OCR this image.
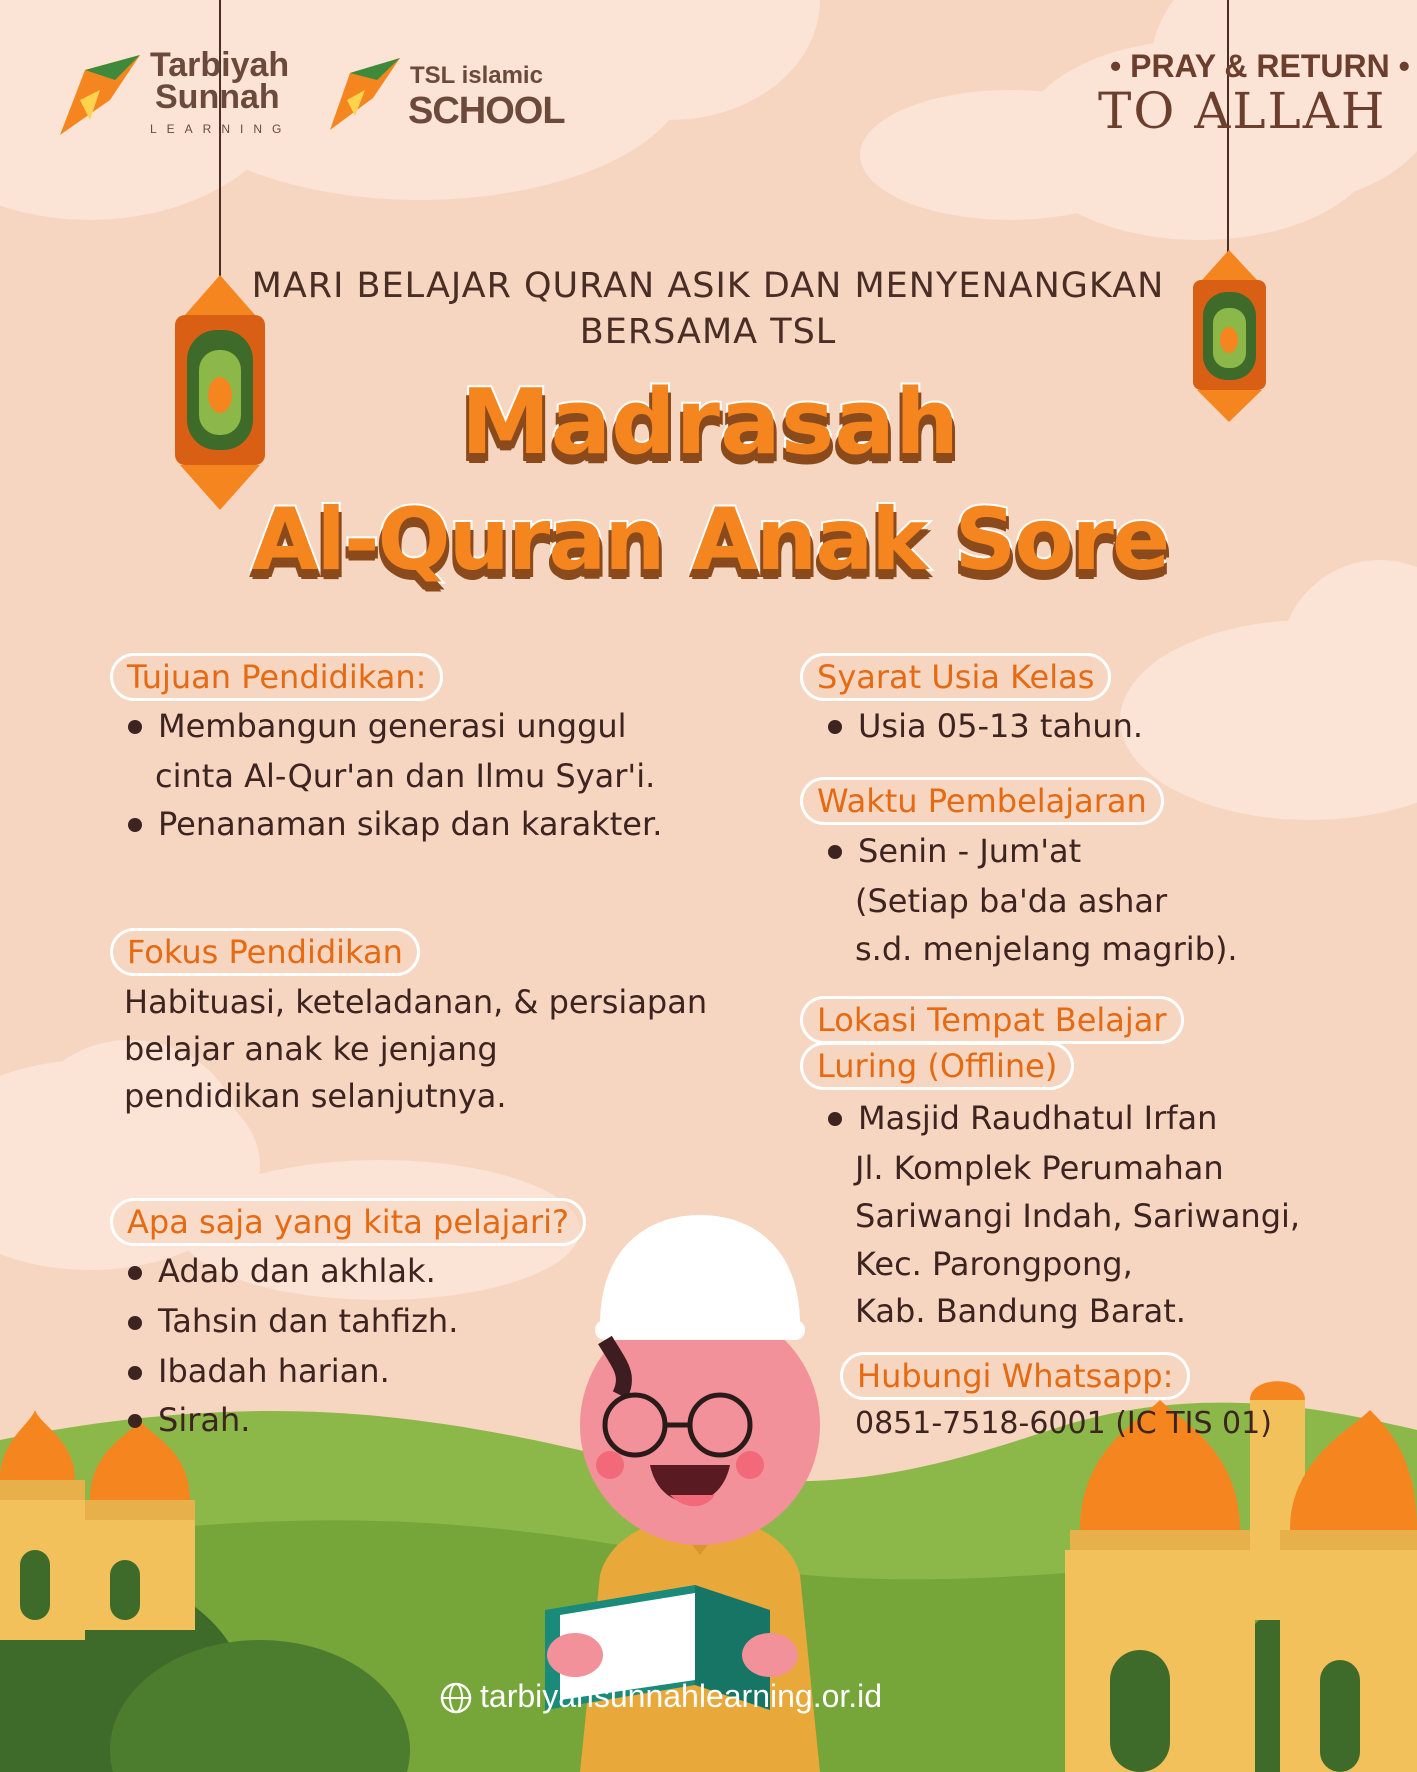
Tarbiyah
Sunnah
LEARNING
TSL islamic
SCHOOL
• PRAY & RETURN •
TO ALLAH
MARI BELAJAR QURAN ASIK DAN MENYENANGKAN
BERSAMA TSL
Madrasah
Al-Quran Anak Sore
Tujuan Pendidikan:
Membangun generasi unggul
cinta Al-Qur'an dan Ilmu Syar'i.
Penanaman sikap dan karakter.
Fokus Pendidikan
Habituasi, keteladanan, & persiapan
belajar anak ke jenjang
pendidikan selanjutnya.
Apa saja yang kita pelajari?
Adab dan akhlak.
Tahsin dan tahfizh.
Ibadah harian.
Sirah.
Syarat Usia Kelas
Usia 05-13 tahun.
Waktu Pembelajaran
Senin - Jum'at
(Setiap ba'da ashar
s.d. menjelang magrib).
Lokasi Tempat Belajar
Luring (Offline)
Masjid Raudhatul Irfan
Jl. Komplek Perumahan
Sariwangi Indah, Sariwangi,
Kec. Parongpong,
Kab. Bandung Barat.
Hubungi Whatsapp:
0851-7518-6001 (IC TIS 01)
tarbiyahsunnahlearning.or.id
